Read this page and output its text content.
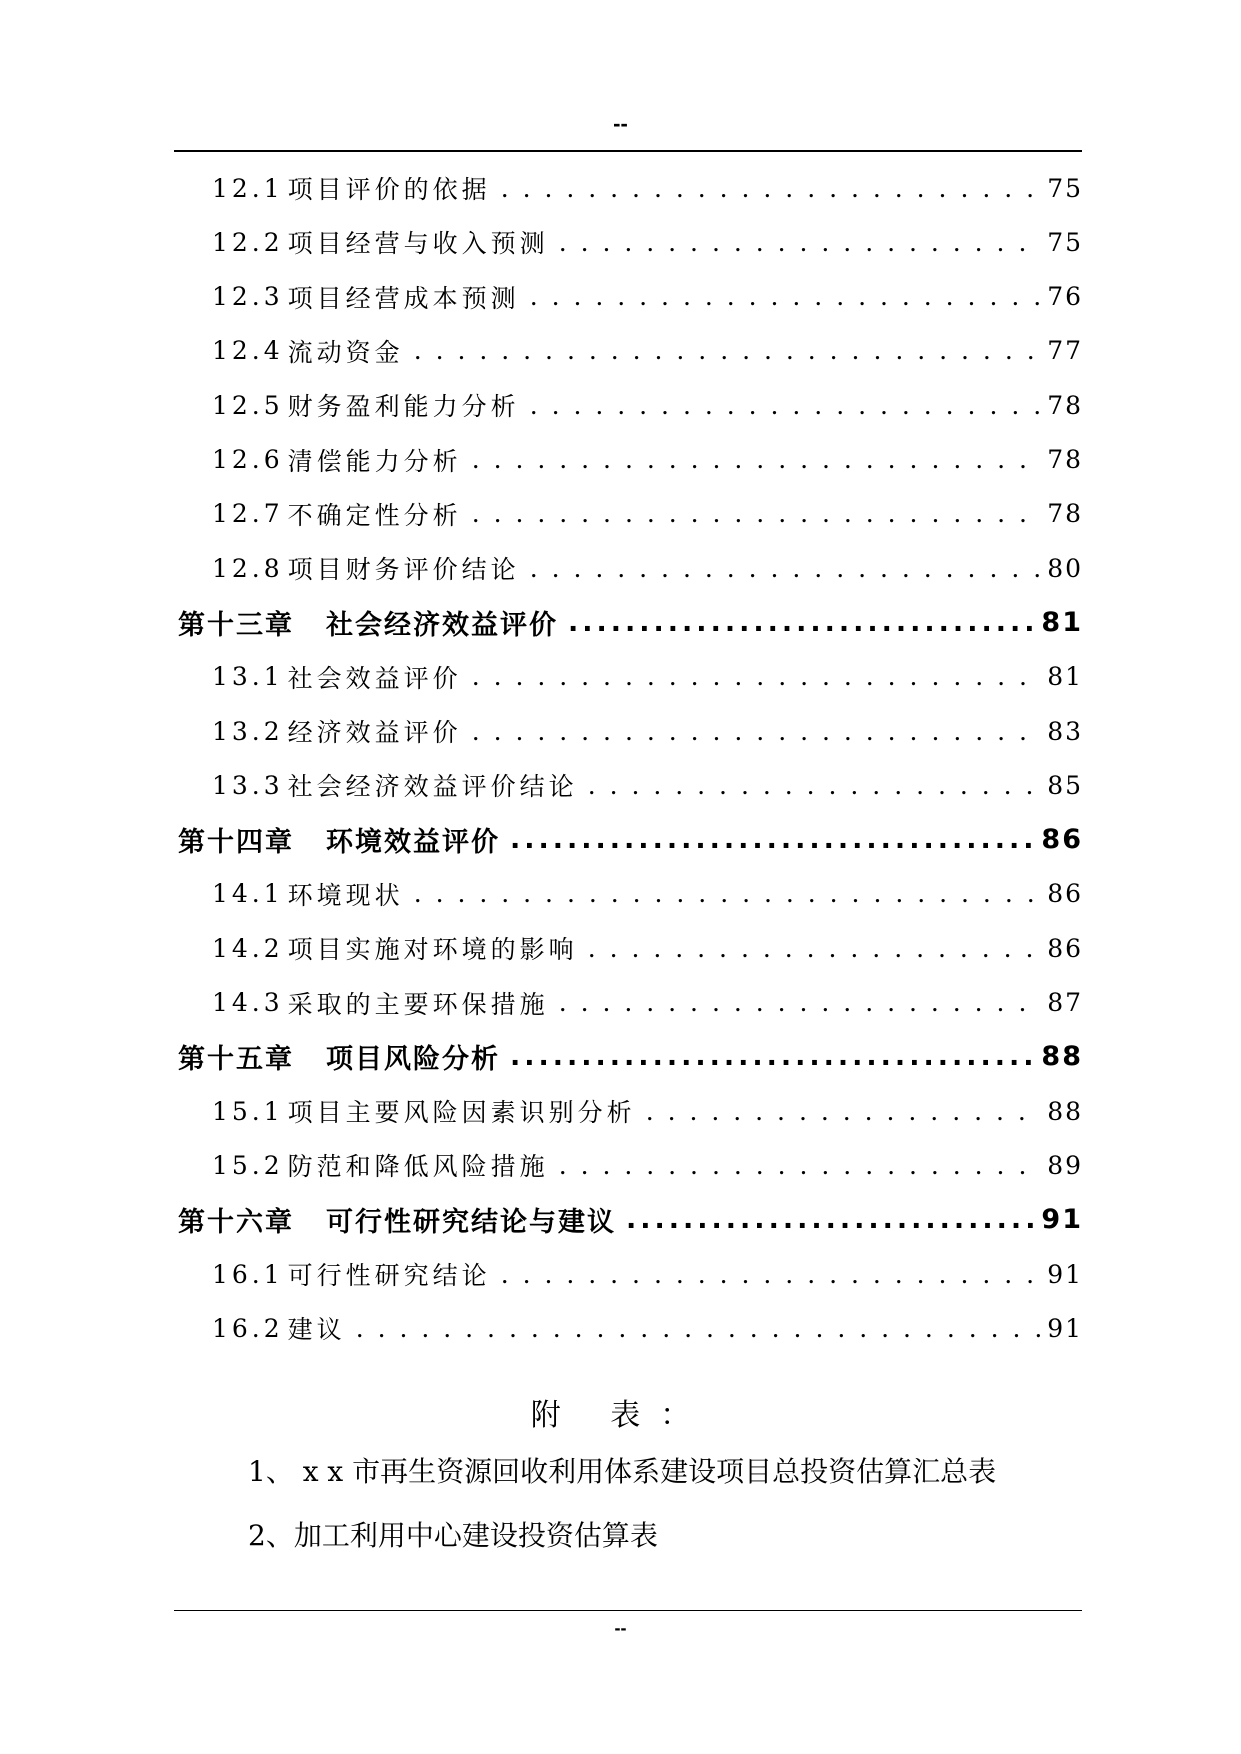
--
12.1 项目评价的依据 . . .	75
12.2 项目经营与收入预测 . . .	75
12.3 项目经营成本预测 . . .	76
12.4 流动资金 . . .	77
12.5 财务盈利能力分析 . . .	78
12.6 清偿能力分析 . . .	78
12.7 不确定性分析 . . .	78
12.8 项目财务评价结论 . . .	80
第十三章 社会经济效益评价 .....	81
13.1 社会效益评价 . . .	81
13.2 经济效益评价 . . .	83
13.3 社会经济效益评价结论 . . .	85
第十四章 环境效益评价 .....	86
14.1 环境现状 . . .	86
14.2 项目实施对环境的影响 . . .	86
14.3 采取的主要环保措施 . . .	87
第十五章 项目风险分析 .....	88
15.1 项目主要风险因素识别分析 . . .	88
15.2 防范和降低风险措施 . . .	89
第十六章 可行性研究结论与建议 .....	91
16.1 可行性研究结论 . . .	91
16.2 建议 . . .	91
附 表：
1、 x x 市再生资源回收利用体系建设项目总投资估算汇总表
2、加工利用中心建设投资估算表
--
